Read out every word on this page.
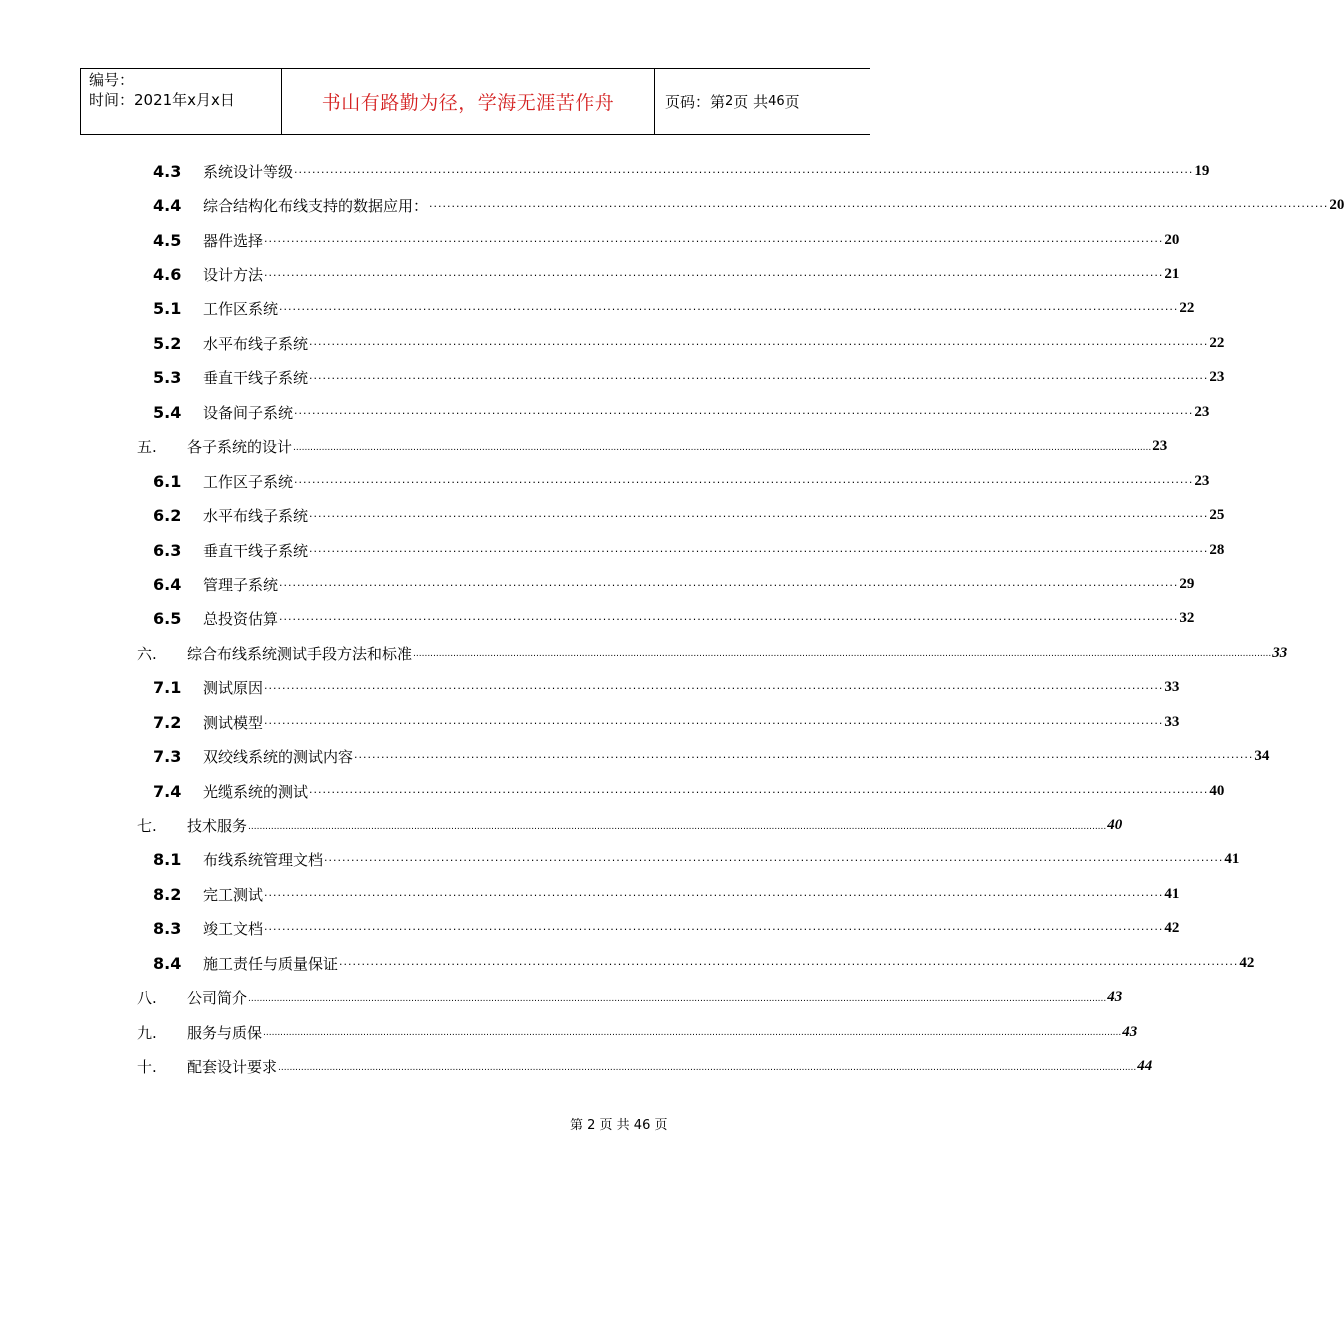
编号：
时间：2021年x月x日	书山有路勤为径，学海无涯苦作舟	页码：第 2 页 共 46 页
4.3	系统设计等级 ········································································································································································································ 19
4.4	综合结构化布线支持的数据应用： ········································································································································································································ 20
4.5	器件选择 ········································································································································································································ 20
4.6	设计方法 ········································································································································································································ 21
5.1	工作区系统 ········································································································································································································ 22
5.2	水平布线子系统 ········································································································································································································ 22
5.3	垂直干线子系统 ········································································································································································································ 23
5.4	设备间子系统 ········································································································································································································ 23
五.	各子系统的设计 ............................................................................................................................................................................................................................................................................................................ 23
6.1	工作区子系统 ········································································································································································································ 23
6.2	水平布线子系统 ········································································································································································································ 25
6.3	垂直干线子系统 ········································································································································································································ 28
6.4	管理子系统 ········································································································································································································ 29
6.5	总投资估算 ········································································································································································································ 32
六.	综合布线系统测试手段方法和标准 ............................................................................................................................................................................................................................................................................................................ 33
7.1	测试原因 ········································································································································································································ 33
7.2	测试模型 ········································································································································································································ 33
7.3	双绞线系统的测试内容 ········································································································································································································ 34
7.4	光缆系统的测试 ········································································································································································································ 40
七.	技术服务 ............................................................................................................................................................................................................................................................................................................ 40
8.1	布线系统管理文档 ········································································································································································································ 41
8.2	完工测试 ········································································································································································································ 41
8.3	竣工文档 ········································································································································································································ 42
8.4	施工责任与质量保证 ········································································································································································································ 42
八.	公司简介 ............................................................................................................................................................................................................................................................................................................ 43
九.	服务与质保 ............................................................................................................................................................................................................................................................................................................ 43
十.	配套设计要求 ............................................................................................................................................................................................................................................................................................................ 44
第 2 页 共 46 页
